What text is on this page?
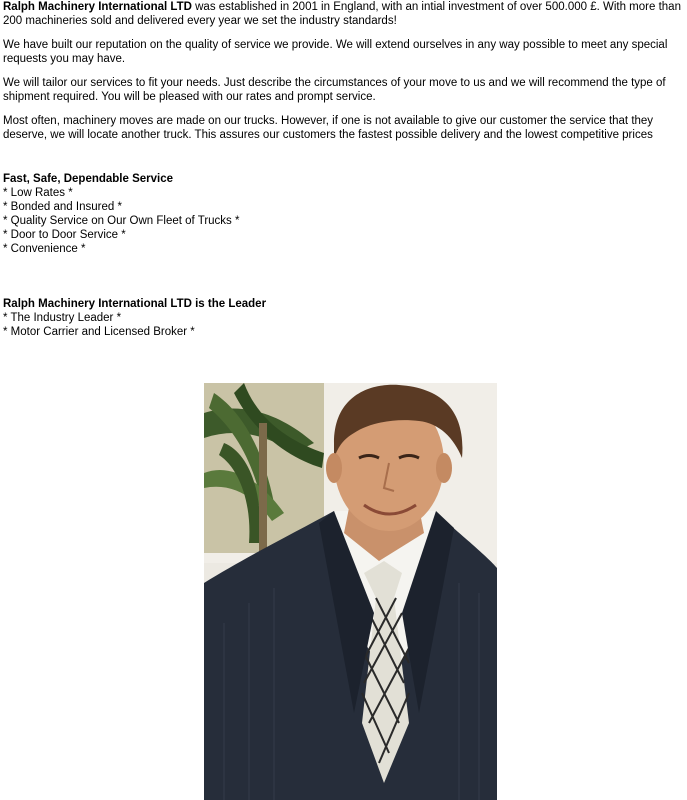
Ralph Machinery International LTD was established in 2001 in England, with an intial investment of over 500.000 £. With more than 200 machineries sold and delivered every year we set the industry standards!

We have built our reputation on the quality of service we provide. We will extend ourselves in any way possible to meet any special requests you may have.

We will tailor our services to fit your needs. Just describe the circumstances of your move to us and we will recommend the type of shipment required. You will be pleased with our rates and prompt service.

Most often, machinery moves are made on our trucks. However, if one is not available to give our customer the service that they deserve, we will locate another truck. This assures our customers the fastest possible delivery and the lowest competitive prices

Fast, Safe, Dependable Service
* Low Rates *
* Bonded and Insured *
* Quality Service on Our Own Fleet of Trucks *
* Door to Door Service *
* Convenience *
Ralph Machinery International LTD is the Leader
* The Industry Leader *
* Motor Carrier and Licensed Broker *
